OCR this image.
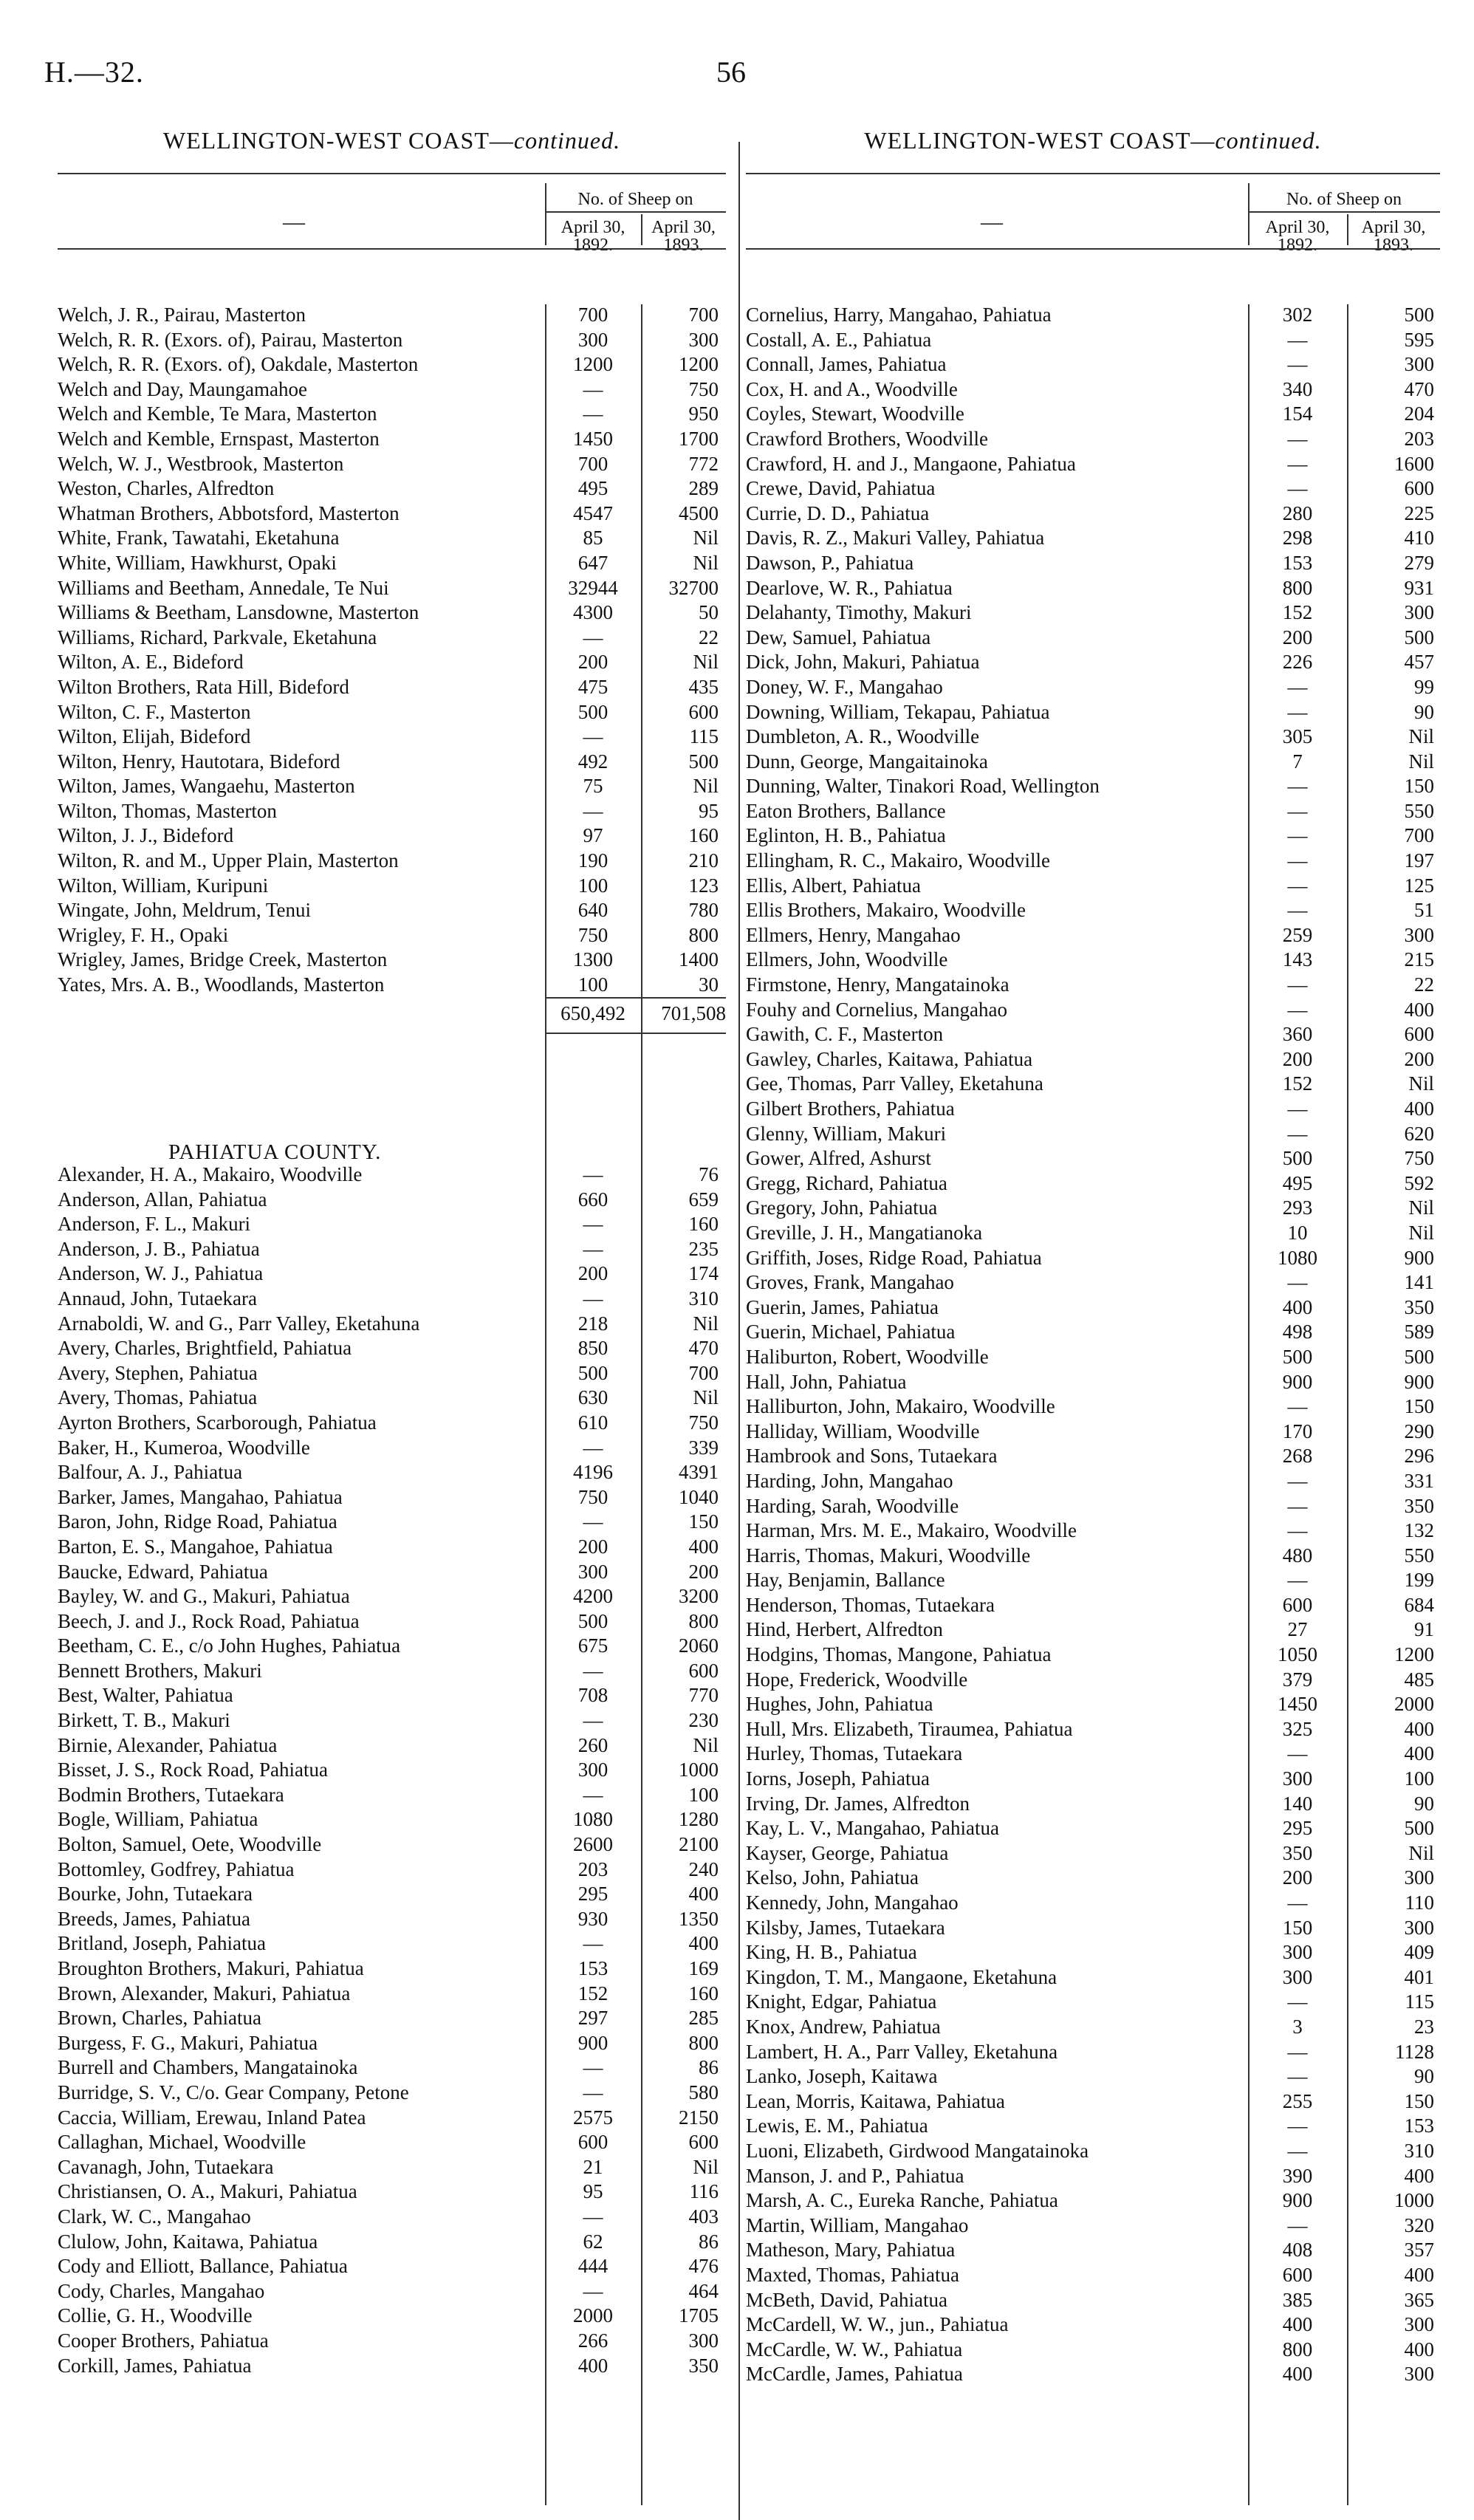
H.—32.	56
WELLINGTON-WEST COAST—continued.
—
No. of Sheep on
April 30,
1892.
April 30,
1893.
Welch, J. R., Pairau, Masterton	700	700
Welch, R. R. (Exors. of), Pairau, Masterton	300	300
Welch, R. R. (Exors. of), Oakdale, Masterton	1200	1200
Welch and Day, Maungamahoe	—	750
Welch and Kemble, Te Mara, Masterton	—	950
Welch and Kemble, Ernspast, Masterton	1450	1700
Welch, W. J., Westbrook, Masterton	700	772
Weston, Charles, Alfredton	495	289
Whatman Brothers, Abbotsford, Masterton	4547	4500
White, Frank, Tawatahi, Eketahuna	85	Nil
White, William, Hawkhurst, Opaki	647	Nil
Williams and Beetham, Annedale, Te Nui	32944	32700
Williams & Beetham, Lansdowne, Masterton	4300	50
Williams, Richard, Parkvale, Eketahuna	—	22
Wilton, A. E., Bideford	200	Nil
Wilton Brothers, Rata Hill, Bideford	475	435
Wilton, C. F., Masterton	500	600
Wilton, Elijah, Bideford	—	115
Wilton, Henry, Hautotara, Bideford	492	500
Wilton, James, Wangaehu, Masterton	75	Nil
Wilton, Thomas, Masterton	—	95
Wilton, J. J., Bideford	97	160
Wilton, R. and M., Upper Plain, Masterton	190	210
Wilton, William, Kuripuni	100	123
Wingate, John, Meldrum, Tenui	640	780
Wrigley, F. H., Opaki	750	800
Wrigley, James, Bridge Creek, Masterton	1300	1400
Yates, Mrs. A. B., Woodlands, Masterton	100	30
650,492	701,508
PAHIATUA COUNTY.
Alexander, H. A., Makairo, Woodville	—	76
Anderson, Allan, Pahiatua	660	659
Anderson, F. L., Makuri	—	160
Anderson, J. B., Pahiatua	—	235
Anderson, W. J., Pahiatua	200	174
Annaud, John, Tutaekara	—	310
Arnaboldi, W. and G., Parr Valley, Eketahuna	218	Nil
Avery, Charles, Brightfield, Pahiatua	850	470
Avery, Stephen, Pahiatua	500	700
Avery, Thomas, Pahiatua	630	Nil
Ayrton Brothers, Scarborough, Pahiatua	610	750
Baker, H., Kumeroa, Woodville	—	339
Balfour, A. J., Pahiatua	4196	4391
Barker, James, Mangahao, Pahiatua	750	1040
Baron, John, Ridge Road, Pahiatua	—	150
Barton, E. S., Mangahoe, Pahiatua	200	400
Baucke, Edward, Pahiatua	300	200
Bayley, W. and G., Makuri, Pahiatua	4200	3200
Beech, J. and J., Rock Road, Pahiatua	500	800
Beetham, C. E., c/o John Hughes, Pahiatua	675	2060
Bennett Brothers, Makuri	—	600
Best, Walter, Pahiatua	708	770
Birkett, T. B., Makuri	—	230
Birnie, Alexander, Pahiatua	260	Nil
Bisset, J. S., Rock Road, Pahiatua	300	1000
Bodmin Brothers, Tutaekara	—	100
Bogle, William, Pahiatua	1080	1280
Bolton, Samuel, Oete, Woodville	2600	2100
Bottomley, Godfrey, Pahiatua	203	240
Bourke, John, Tutaekara	295	400
Breeds, James, Pahiatua	930	1350
Britland, Joseph, Pahiatua	—	400
Broughton Brothers, Makuri, Pahiatua	153	169
Brown, Alexander, Makuri, Pahiatua	152	160
Brown, Charles, Pahiatua	297	285
Burgess, F. G., Makuri, Pahiatua	900	800
Burrell and Chambers, Mangatainoka	—	86
Burridge, S. V., C/o. Gear Company, Petone	—	580
Caccia, William, Erewau, Inland Patea	2575	2150
Callaghan, Michael, Woodville	600	600
Cavanagh, John, Tutaekara	21	Nil
Christiansen, O. A., Makuri, Pahiatua	95	116
Clark, W. C., Mangahao	—	403
Clulow, John, Kaitawa, Pahiatua	62	86
Cody and Elliott, Ballance, Pahiatua	444	476
Cody, Charles, Mangahao	—	464
Collie, G. H., Woodville	2000	1705
Cooper Brothers, Pahiatua	266	300
Corkill, James, Pahiatua	400	350
WELLINGTON-WEST COAST—continued.
—
No. of Sheep on
April 30,
1892.
April 30,
1893.
Cornelius, Harry, Mangahao, Pahiatua	302	500
Costall, A. E., Pahiatua	—	595
Connall, James, Pahiatua	—	300
Cox, H. and A., Woodville	340	470
Coyles, Stewart, Woodville	154	204
Crawford Brothers, Woodville	—	203
Crawford, H. and J., Mangaone, Pahiatua	—	1600
Crewe, David, Pahiatua	—	600
Currie, D. D., Pahiatua	280	225
Davis, R. Z., Makuri Valley, Pahiatua	298	410
Dawson, P., Pahiatua	153	279
Dearlove, W. R., Pahiatua	800	931
Delahanty, Timothy, Makuri	152	300
Dew, Samuel, Pahiatua	200	500
Dick, John, Makuri, Pahiatua	226	457
Doney, W. F., Mangahao	—	99
Downing, William, Tekapau, Pahiatua	—	90
Dumbleton, A. R., Woodville	305	Nil
Dunn, George, Mangaitainoka	7	Nil
Dunning, Walter, Tinakori Road, Wellington	—	150
Eaton Brothers, Ballance	—	550
Eglinton, H. B., Pahiatua	—	700
Ellingham, R. C., Makairo, Woodville	—	197
Ellis, Albert, Pahiatua	—	125
Ellis Brothers, Makairo, Woodville	—	51
Ellmers, Henry, Mangahao	259	300
Ellmers, John, Woodville	143	215
Firmstone, Henry, Mangatainoka	—	22
Fouhy and Cornelius, Mangahao	—	400
Gawith, C. F., Masterton	360	600
Gawley, Charles, Kaitawa, Pahiatua	200	200
Gee, Thomas, Parr Valley, Eketahuna	152	Nil
Gilbert Brothers, Pahiatua	—	400
Glenny, William, Makuri	—	620
Gower, Alfred, Ashurst	500	750
Gregg, Richard, Pahiatua	495	592
Gregory, John, Pahiatua	293	Nil
Greville, J. H., Mangatianoka	10	Nil
Griffith, Joses, Ridge Road, Pahiatua	1080	900
Groves, Frank, Mangahao	—	141
Guerin, James, Pahiatua	400	350
Guerin, Michael, Pahiatua	498	589
Haliburton, Robert, Woodville	500	500
Hall, John, Pahiatua	900	900
Halliburton, John, Makairo, Woodville	—	150
Halliday, William, Woodville	170	290
Hambrook and Sons, Tutaekara	268	296
Harding, John, Mangahao	—	331
Harding, Sarah, Woodville	—	350
Harman, Mrs. M. E., Makairo, Woodville	—	132
Harris, Thomas, Makuri, Woodville	480	550
Hay, Benjamin, Ballance	—	199
Henderson, Thomas, Tutaekara	600	684
Hind, Herbert, Alfredton	27	91
Hodgins, Thomas, Mangone, Pahiatua	1050	1200
Hope, Frederick, Woodville	379	485
Hughes, John, Pahiatua	1450	2000
Hull, Mrs. Elizabeth, Tiraumea, Pahiatua	325	400
Hurley, Thomas, Tutaekara	—	400
Iorns, Joseph, Pahiatua	300	100
Irving, Dr. James, Alfredton	140	90
Kay, L. V., Mangahao, Pahiatua	295	500
Kayser, George, Pahiatua	350	Nil
Kelso, John, Pahiatua	200	300
Kennedy, John, Mangahao	—	110
Kilsby, James, Tutaekara	150	300
King, H. B., Pahiatua	300	409
Kingdon, T. M., Mangaone, Eketahuna	300	401
Knight, Edgar, Pahiatua	—	115
Knox, Andrew, Pahiatua	3	23
Lambert, H. A., Parr Valley, Eketahuna	—	1128
Lanko, Joseph, Kaitawa	—	90
Lean, Morris, Kaitawa, Pahiatua	255	150
Lewis, E. M., Pahiatua	—	153
Luoni, Elizabeth, Girdwood Mangatainoka	—	310
Manson, J. and P., Pahiatua	390	400
Marsh, A. C., Eureka Ranche, Pahiatua	900	1000
Martin, William, Mangahao	—	320
Matheson, Mary, Pahiatua	408	357
Maxted, Thomas, Pahiatua	600	400
McBeth, David, Pahiatua	385	365
McCardell, W. W., jun., Pahiatua	400	300
McCardle, W. W., Pahiatua	800	400
McCardle, James, Pahiatua	400	300
